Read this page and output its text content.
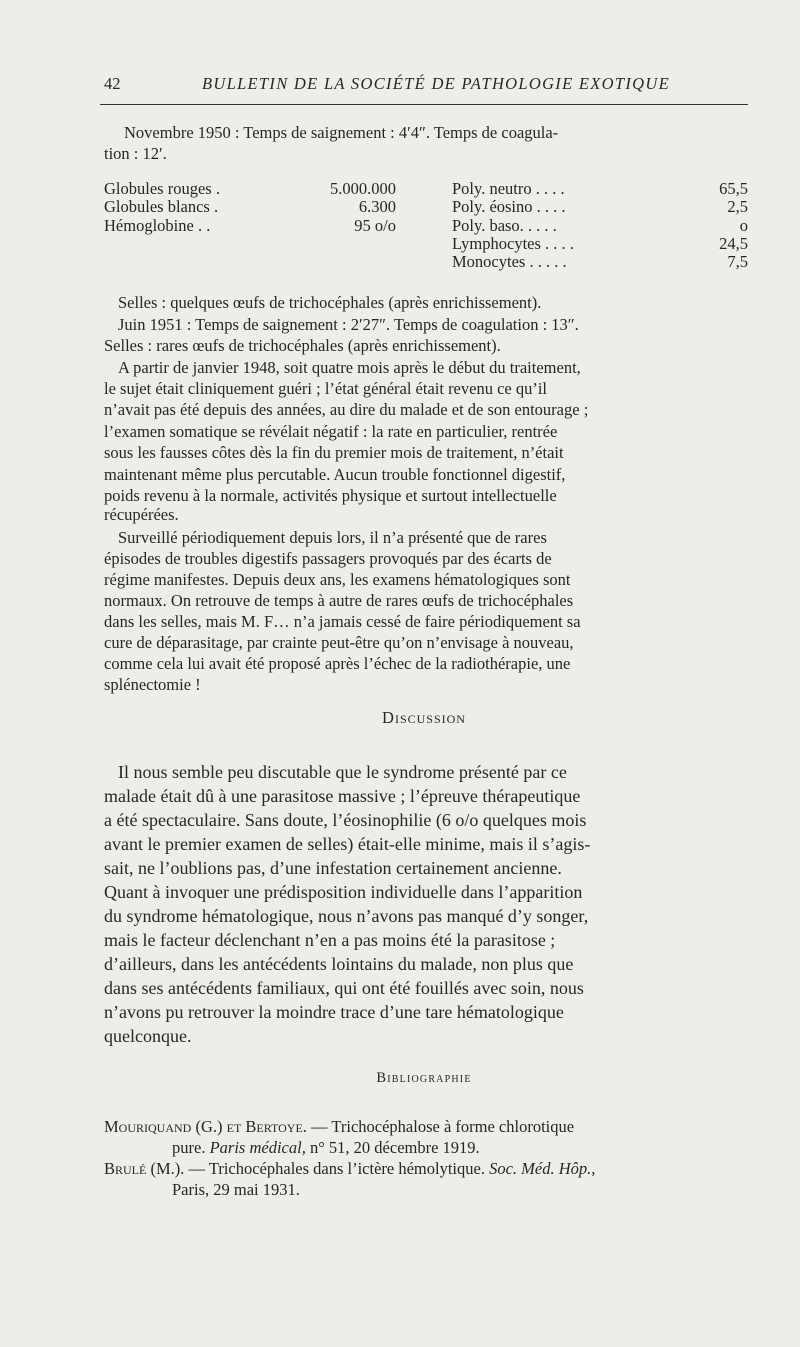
42	BULLETIN DE LA SOCIÉTÉ DE PATHOLOGIE EXOTIQUE
Novembre 1950 : Temps de saignement : 4′4″. Temps de coagula-
tion : 12′.
Globules rouges .
Globules blancs .
Hémoglobine . .
5.000.000
6.300
95 o/o
Poly. neutro . . . .
Poly. éosino . . . .
Poly. baso. . . . .
Lymphocytes . . . .
Monocytes . . . . .
65,5
2,5
o
24,5
7,5
Selles : quelques œufs de trichocéphales (après enrichissement).
Juin 1951 : Temps de saignement : 2′27″. Temps de coagulation : 13″.
Selles : rares œufs de trichocéphales (après enrichissement).
A partir de janvier 1948, soit quatre mois après le début du traitement,
le sujet était cliniquement guéri ; l’état général était revenu ce qu’il
n’avait pas été depuis des années, au dire du malade et de son entourage ;
l’examen somatique se révélait négatif : la rate en particulier, rentrée
sous les fausses côtes dès la fin du premier mois de traitement, n’était
maintenant même plus percutable. Aucun trouble fonctionnel digestif,
poids revenu à la normale, activités physique et surtout intellectuelle
récupérées.
Surveillé périodiquement depuis lors, il n’a présenté que de rares
épisodes de troubles digestifs passagers provoqués par des écarts de
régime manifestes. Depuis deux ans, les examens hématologiques sont
normaux. On retrouve de temps à autre de rares œufs de trichocéphales
dans les selles, mais M. F… n’a jamais cessé de faire périodiquement sa
cure de déparasitage, par crainte peut-être qu’on n’envisage à nouveau,
comme cela lui avait été proposé après l’échec de la radiothérapie, une
splénectomie !
Discussion
Il nous semble peu discutable que le syndrome présenté par ce
malade était dû à une parasitose massive ; l’épreuve thérapeutique
a été spectaculaire. Sans doute, l’éosinophilie (6 o/o quelques mois
avant le premier examen de selles) était-elle minime, mais il s’agis-
sait, ne l’oublions pas, d’une infestation certainement ancienne.
Quant à invoquer une prédisposition individuelle dans l’apparition
du syndrome hématologique, nous n’avons pas manqué d’y songer,
mais le facteur déclenchant n’en a pas moins été la parasitose ;
d’ailleurs, dans les antécédents lointains du malade, non plus que
dans ses antécédents familiaux, qui ont été fouillés avec soin, nous
n’avons pu retrouver la moindre trace d’une tare hématologique
quelconque.
Bibliographie
Mouriquand (G.) et Bertoye. — Trichocéphalose à forme chlorotique
pure. Paris médical, n° 51, 20 décembre 1919.
Brulé (M.). — Trichocéphales dans l’ictère hémolytique. Soc. Méd. Hôp.,
Paris, 29 mai 1931.
